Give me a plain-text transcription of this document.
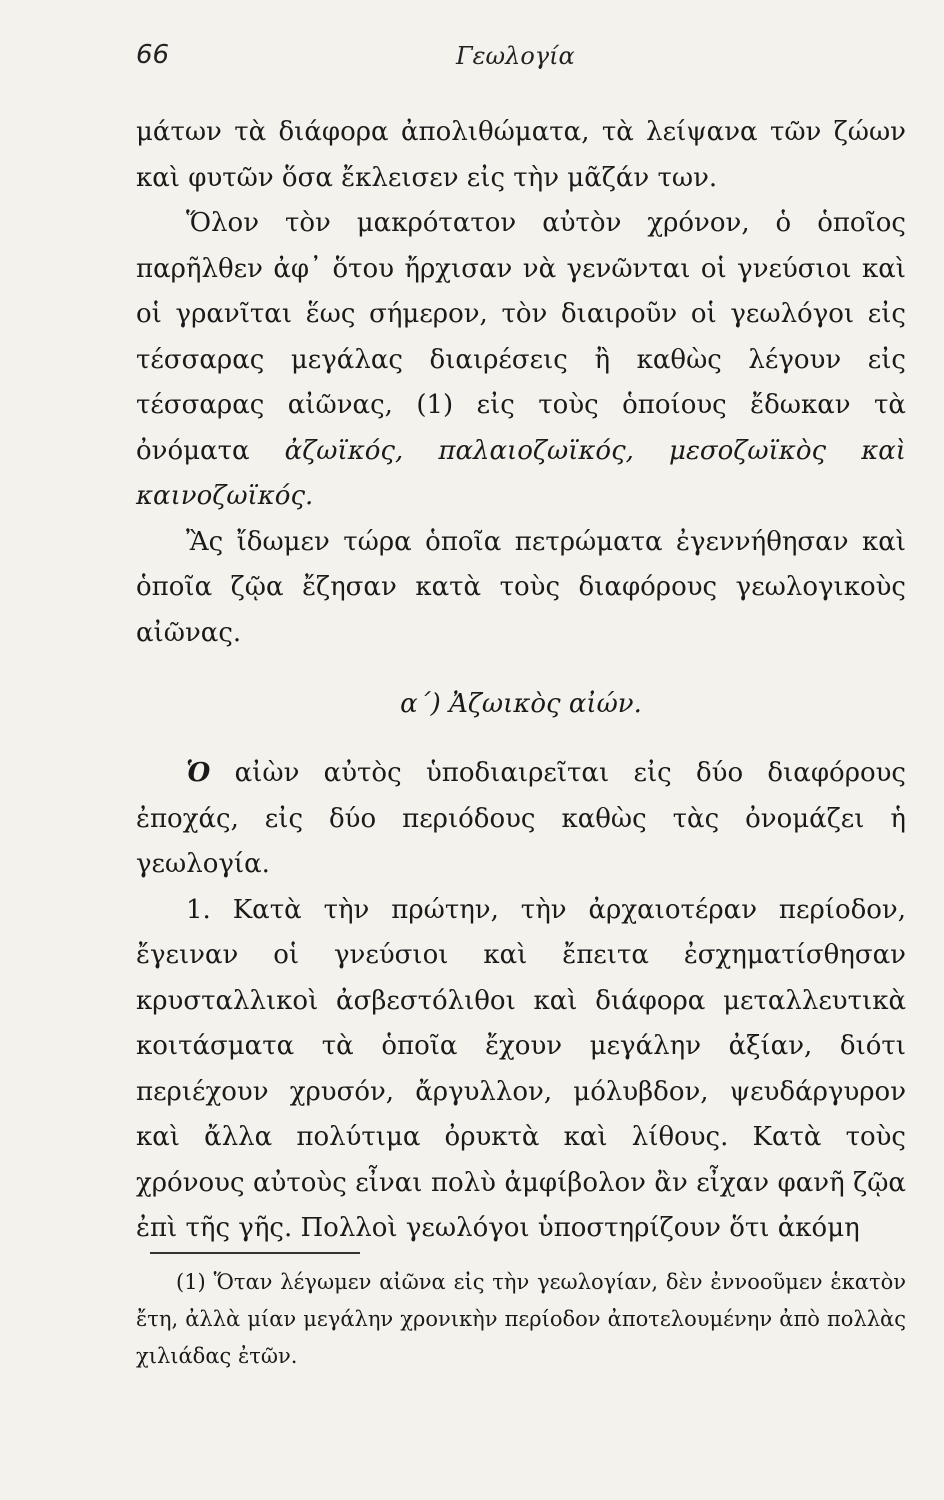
66	Γεωλογία

μάτων τὰ διάφορα ἀπολιθώματα, τὰ λείψανα τῶν ζώων καὶ φυτῶν ὅσα ἔκλεισεν εἰς τὴν μᾶζάν των.

Ὅλον τὸν μακρότατον αὐτὸν χρόνον, ὁ ὁποῖος παρῆλθεν ἀφ᾽ ὅτου ἤρχισαν νὰ γενῶνται οἱ γνεύσιοι καὶ οἱ γρανῖται ἕως σήμερον, τὸν διαιροῦν οἱ γεωλόγοι εἰς τέσσαρας μεγάλας διαιρέσεις ἢ καθὼς λέγουν εἰς τέσσαρας αἰῶνας, (1) εἰς τοὺς ὁποίους ἔδωκαν τὰ ὀνόματα ἀζωϊκός, παλαιοζωϊκός, μεσοζωϊκὸς καὶ καινοζωϊκός.

Ἂς ἴδωμεν τώρα ὁποῖα πετρώματα ἐγεννήθησαν καὶ ὁποῖα ζῷα ἔζησαν κατὰ τοὺς διαφόρους γεωλογικοὺς αἰῶνας.

α΄) Ἀζωικὸς αἰών.

Ὁ αἰὼν αὐτὸς ὑποδιαιρεῖται εἰς δύο διαφόρους ἐποχάς, εἰς δύο περιόδους καθὼς τὰς ὀνομάζει ἡ γεωλογία.

1. Κατὰ τὴν πρώτην, τὴν ἀρχαιοτέραν περίοδον, ἔγειναν οἱ γνεύσιοι καὶ ἔπειτα ἐσχηματίσθησαν κρυσταλλικοὶ ἀσβεστόλιθοι καὶ διάφορα μεταλλευτικὰ κοιτάσματα τὰ ὁποῖα ἔχουν μεγάλην ἀξίαν, διότι περιέχουν χρυσόν, ἄργυλλον, μόλυβδον, ψευδάργυρον καὶ ἄλλα πολύτιμα ὀρυκτὰ καὶ λίθους. Κατὰ τοὺς χρόνους αὐτοὺς εἶναι πολὺ ἀμφίβολον ἂν εἶχαν φανῆ ζῷα ἐπὶ τῆς γῆς. Πολλοὶ γεωλόγοι ὑποστηρίζουν ὅτι ἀκόμη

(1) Ὅταν λέγωμεν αἰῶνα εἰς τὴν γεωλογίαν, δὲν ἐννοοῦμεν ἑκατὸν ἔτη, ἀλλὰ μίαν μεγάλην χρονικὴν περίοδον ἀποτελουμένην ἀπὸ πολλὰς χιλιάδας ἐτῶν.
